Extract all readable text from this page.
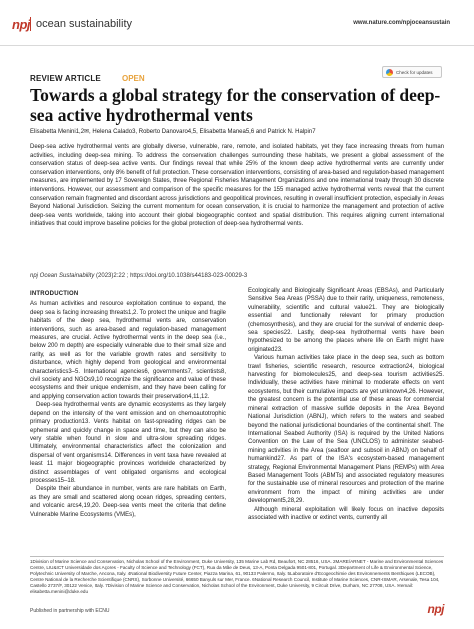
npj ocean sustainability	www.nature.com/npjoceansustain
REVIEW ARTICLE	OPEN
Check for updates
Towards a global strategy for the conservation of deep-sea active hydrothermal vents

Elisabetta Menini1,2✉, Helena Calado3, Roberto Danovaro4,5, Elisabetta Manea5,6 and Patrick N. Halpin7

Deep-sea active hydrothermal vents are globally diverse, vulnerable, rare, remote, and isolated habitats, yet they face increasing threats from human activities, including deep-sea mining. To address the conservation challenges surrounding these habitats, we present a global assessment of the conservation status of deep-sea active vents. Our findings reveal that while 25% of the known deep active hydrothermal vents are currently under conservation interventions, only 8% benefit of full protection. These conservation interventions, consisting of area-based and regulation-based management measures, are implemented by 17 Sovereign States, three Regional Fisheries Management Organizations and one international treaty through 30 discrete interventions. However, our assessment and comparison of the specific measures for the 155 managed active hydrothermal vents reveal that the current conservation remain fragmented and discordant across jurisdictions and geopolitical provinces, resulting in overall insufficient protection, especially in Areas Beyond National Jurisdiction. Seizing the current momentum for ocean conservation, it is crucial to harmonize the management and protection of active deep-sea vents worldwide, taking into account their global biogeographic context and spatial distribution. This requires aligning current international initiatives that could improve baseline policies for the global protection of deep-sea hydrothermal vents.

npj Ocean Sustainability (2023)2:22 ; https://doi.org/10.1038/s44183-023-00029-3

INTRODUCTION

As human activities and resource exploitation continue to expand, the deep sea is facing increasing threats1,2. To protect the unique and fragile habitats of the deep sea, hydrothermal vents are, conservation interventions, such as area-based and regulation-based management measures, are crucial. Active hydrothermal vents in the deep sea (i.e., below 200 m depth) are especially vulnerable due to their small size and rarity, as well as for the variable growth rates and sensitivity to disturbance, which highly depend from geological and environmental characteristics3–5. International agencies6, governments7, scientists8, civil society and NGOs9,10 recognize the significance and value of these ecosystems and their unique endemism, and they have been calling for and applying conservation action towards their preservation4,11,12.

Deep-sea hydrothermal vents are dynamic ecosystems as they largely depend on the intensity of the vent emission and on chemoautotrophic primary production13. Vents habitat on fast-spreading ridges can be ephemeral and quickly change in space and time, but they can also be very stable when found in slow and ultra-slow spreading ridges. Ultimately, environmental characteristics affect the colonization and dispersal of vent organisms14. Differences in vent taxa have revealed at least 11 major biogeographic provinces worldwide characterized by distinct assemblages of vent obligated organisms and ecological processes15–18.

Despite their abundance in number, vents are rare habitats on Earth, as they are small and scattered along ocean ridges, spreading centers, and volcanic arcs4,19,20. Deep-sea vents meet the criteria that define Vulnerable Marine Ecosystems (VMEs),

Ecologically and Biologically Significant Areas (EBSAs), and Particularly Sensitive Sea Areas (PSSA) due to their rarity, uniqueness, remoteness, vulnerability, scientific and cultural value21. They are biologically essential and functionally relevant for primary production (chemosynthesis), and they are crucial for the survival of endemic deep-sea species22. Lastly, deep-sea hydrothermal vents have been hypothesized to be among the places where life on Earth might have originated23.

Various human activities take place in the deep sea, such as bottom trawl fisheries, scientific research, resource extraction24, biological harvesting for biomolecules25, and deep-sea tourism activities25. Individually, these activities have minimal to moderate effects on vent ecosystems, but their cumulative impacts are yet unknown4,26. However, the greatest concern is the potential use of these areas for commercial mineral extraction of massive sulfide deposits in the Area Beyond National Jurisdiction (ABNJ), which refers to the waters and seabed beyond the national jurisdictional boundaries of the continental shelf. The International Seabed Authority (ISA) is required by the United Nations Convention on the Law of the Sea (UNCLOS) to administer seabed-mining activities in the Area (seafloor and subsoil in ABNJ) on behalf of humankind27. As part of the ISA's ecosystem-based management strategy, Regional Environmental Management Plans (REMPs) with Area Based Management Tools (ABMTs) and associated regulatory measures for the sustainable use of mineral resources and protection of the marine environment from the impact of mining activities are under development5,28,29.

Although mineral exploitation will likely focus on inactive deposits associated with inactive or extinct vents, currently all

1Division of Marine Science and Conservation, Nicholas School of the Environment, Duke University, 135 Marine Lab Rd, Beaufort, NC 28516, USA. 2MARE/ARNET - Marine and Environmental Sciences Centre, LIU&ICT Universidade dos Açores - Faculty of Science and Technology (FCT), Rua da Mãe de Deus, 13-A, Ponta Delgada 9501-801, Portugal. 3Department of Life & Environmental Science, Polytechnic University of Marche, Ancona, Italy. 4National Biodiversity Future Center, Piazza Marina, 61, 90133 Palermo, Italy. 5Laboratoire d'Ecogeochimie des Environnements Benthiques (LECOB), Centre National de la Recherche Scientifique (CNRS), Sorbonne Université, 66650 Banyuls sur Mer, France. 6National Research Council, Institute of Marine Sciences, CNR-ISMAR, Arsenale, Tesa 104, Castello 2737/F, 30122 Venice, Italy. 7Division of Marine Science and Conservation, Nicholas School of the Environment, Duke University, 9 Circuit Drive, Durham, NC 27708, USA. ✉email: elisabetta.menini@duke.edu

Published in partnership with ECNU	npj
